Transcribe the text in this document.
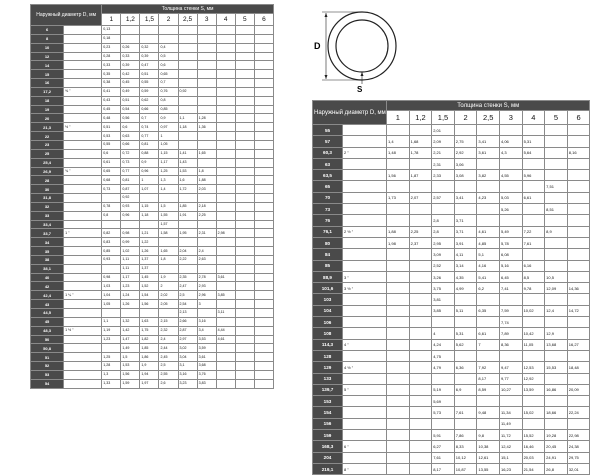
Наружный диаметр D, мм		Толщина стенки S, мм								
		1	1,2	1,5	2	2,5	3	4	5	6
6		0,13								
8		0,18								
10		0,23	0,26	0,32	0,4					
12		0,28	0,33	0,39	0,5					
14		0,33	0,39	0,47	0,6					
15		0,35	0,42	0,51	0,65					
16		0,38	0,45	0,55	0,7					
17,2	⅜ "	0,41	0,49	0,59	0,76	0,92				
18		0,43	0,51	0,62	0,8					
19		0,45	0,54	0,66	0,85					
20		0,48	0,56	0,7	0,9	1,1	1,28			
21,3	½ "	0,51	0,6	0,74	0,97	1,18	1,36			
22		0,53	0,63	0,77	1					
23		0,55	0,66	0,81	1,05					
25		0,6	0,72	0,88	1,15	1,41	1,65			
25,4		0,61	0,73	0,9	1,17	1,43				
26,9	¾ "	0,65	0,77	0,96	1,25	1,53	1,8			
28		0,68	0,81	1	1,3	1,6	1,88			
30		0,73	0,87	1,07	1,4	1,72	2,03			
31,8			0,92							
32		0,78	0,93	1,15	1,5	1,85	2,18			
33		0,8	0,96	1,18	1,55	1,91	2,25			
33,4					1,57					
33,7	1 "	0,82	0,98	1,21	1,58	1,95	2,31	2,98		
34		0,83	0,99	1,22						
35		0,85	1,02	1,26	1,65	2,04	2,4			
38		0,93	1,11	1,37	1,8	2,22	2,63			
38,1			1,11	1,37						
40		0,98	1,17	1,45	1,9	2,35	2,78	3,61		
42		1,03	1,23	1,52	2	2,47	2,93			
42,4	1 ¼ "	1,04	1,24	1,54	2,02	2,5	2,96	3,85		
43		1,05	1,26	1,56	2,05	2,54	3			
44,5						2,13		3,11		
45		1,1	1,32	1,63	2,15	2,66	3,16			
48,3	1 ½ "	1,19	1,42	1,75	2,32	2,87	3,4	4,44		
50		1,23	1,47	1,82	2,4	2,97	3,53	4,61		
50,8			1,49	1,85	2,44	3,02	3,59			
51		1,25	1,5	1,86	2,45	3,04	3,61			
52		1,28	1,53	1,9	2,5	3,1	3,68			
53		1,3	1,56	1,94	2,55	3,16	3,76			
54		1,33	1,59	1,97	2,6	3,23	3,83			
D
S
Наружный диаметр D, мм		Толщина стенки S, мм								
		1	1,2	1,5	2	2,5	3	4	5	6
55				2,01						
57		1,4	1,68	2,09	2,75	3,41	4,06	5,31		
60,3	2 "	1,48	1,78	2,21	2,92	3,61	4,3	5,64		8,16
63				2,31	3,06					
63,5		1,56	1,87	2,33	3,08	3,82	4,55	5,96		
65									7,51	
70		1,73	2,07	2,57	3,41	4,23	5,03	6,61		
73							5,26		8,51	
76				2,8	3,71					
76,1	2 ½ "	1,88	2,25	2,8	3,71	4,61	5,49	7,22	8,9	
80		1,98	2,37	2,95	3,91	4,85	5,78	7,61		
84				3,09	4,11	5,1	6,08			
85				2,52	3,14	4,16	5,16	6,16		
88,9	3 "			3,26	4,35	5,41	6,45	8,5	10,5	
101,6	3 ½ "			3,75	4,99	6,2	7,41	9,78	12,09	14,36
103				3,81						
104				3,85	5,11	6,35	7,59	10,02	12,4	14,72
106							7,74			
108				4	5,31	6,61	7,89	10,42	12,9	
114,3	4 "			4,24	5,62	7	8,36	11,05	13,68	16,27
128				4,75						
129	4 ½ "			4,79	6,36	7,92	9,47	12,53	15,53	18,48
133						8,17	9,77	12,92		
139,7	5 "			5,19	6,9	8,59	10,27	13,59	16,86	20,09
153				5,69						
154				5,73	7,61	9,48	11,34	15,02	18,66	22,24
156							11,49			
159				5,91	7,86	9,8	11,72	15,52	19,28	22,98
168,3	6 "			6,27	8,33	10,38	12,42	16,46	20,45	24,38
204				7,61	10,12	12,61	15,1	20,03	24,91	29,75
219,1	8 "			8,17	10,87	13,55	16,23	21,54	26,8	32,01
